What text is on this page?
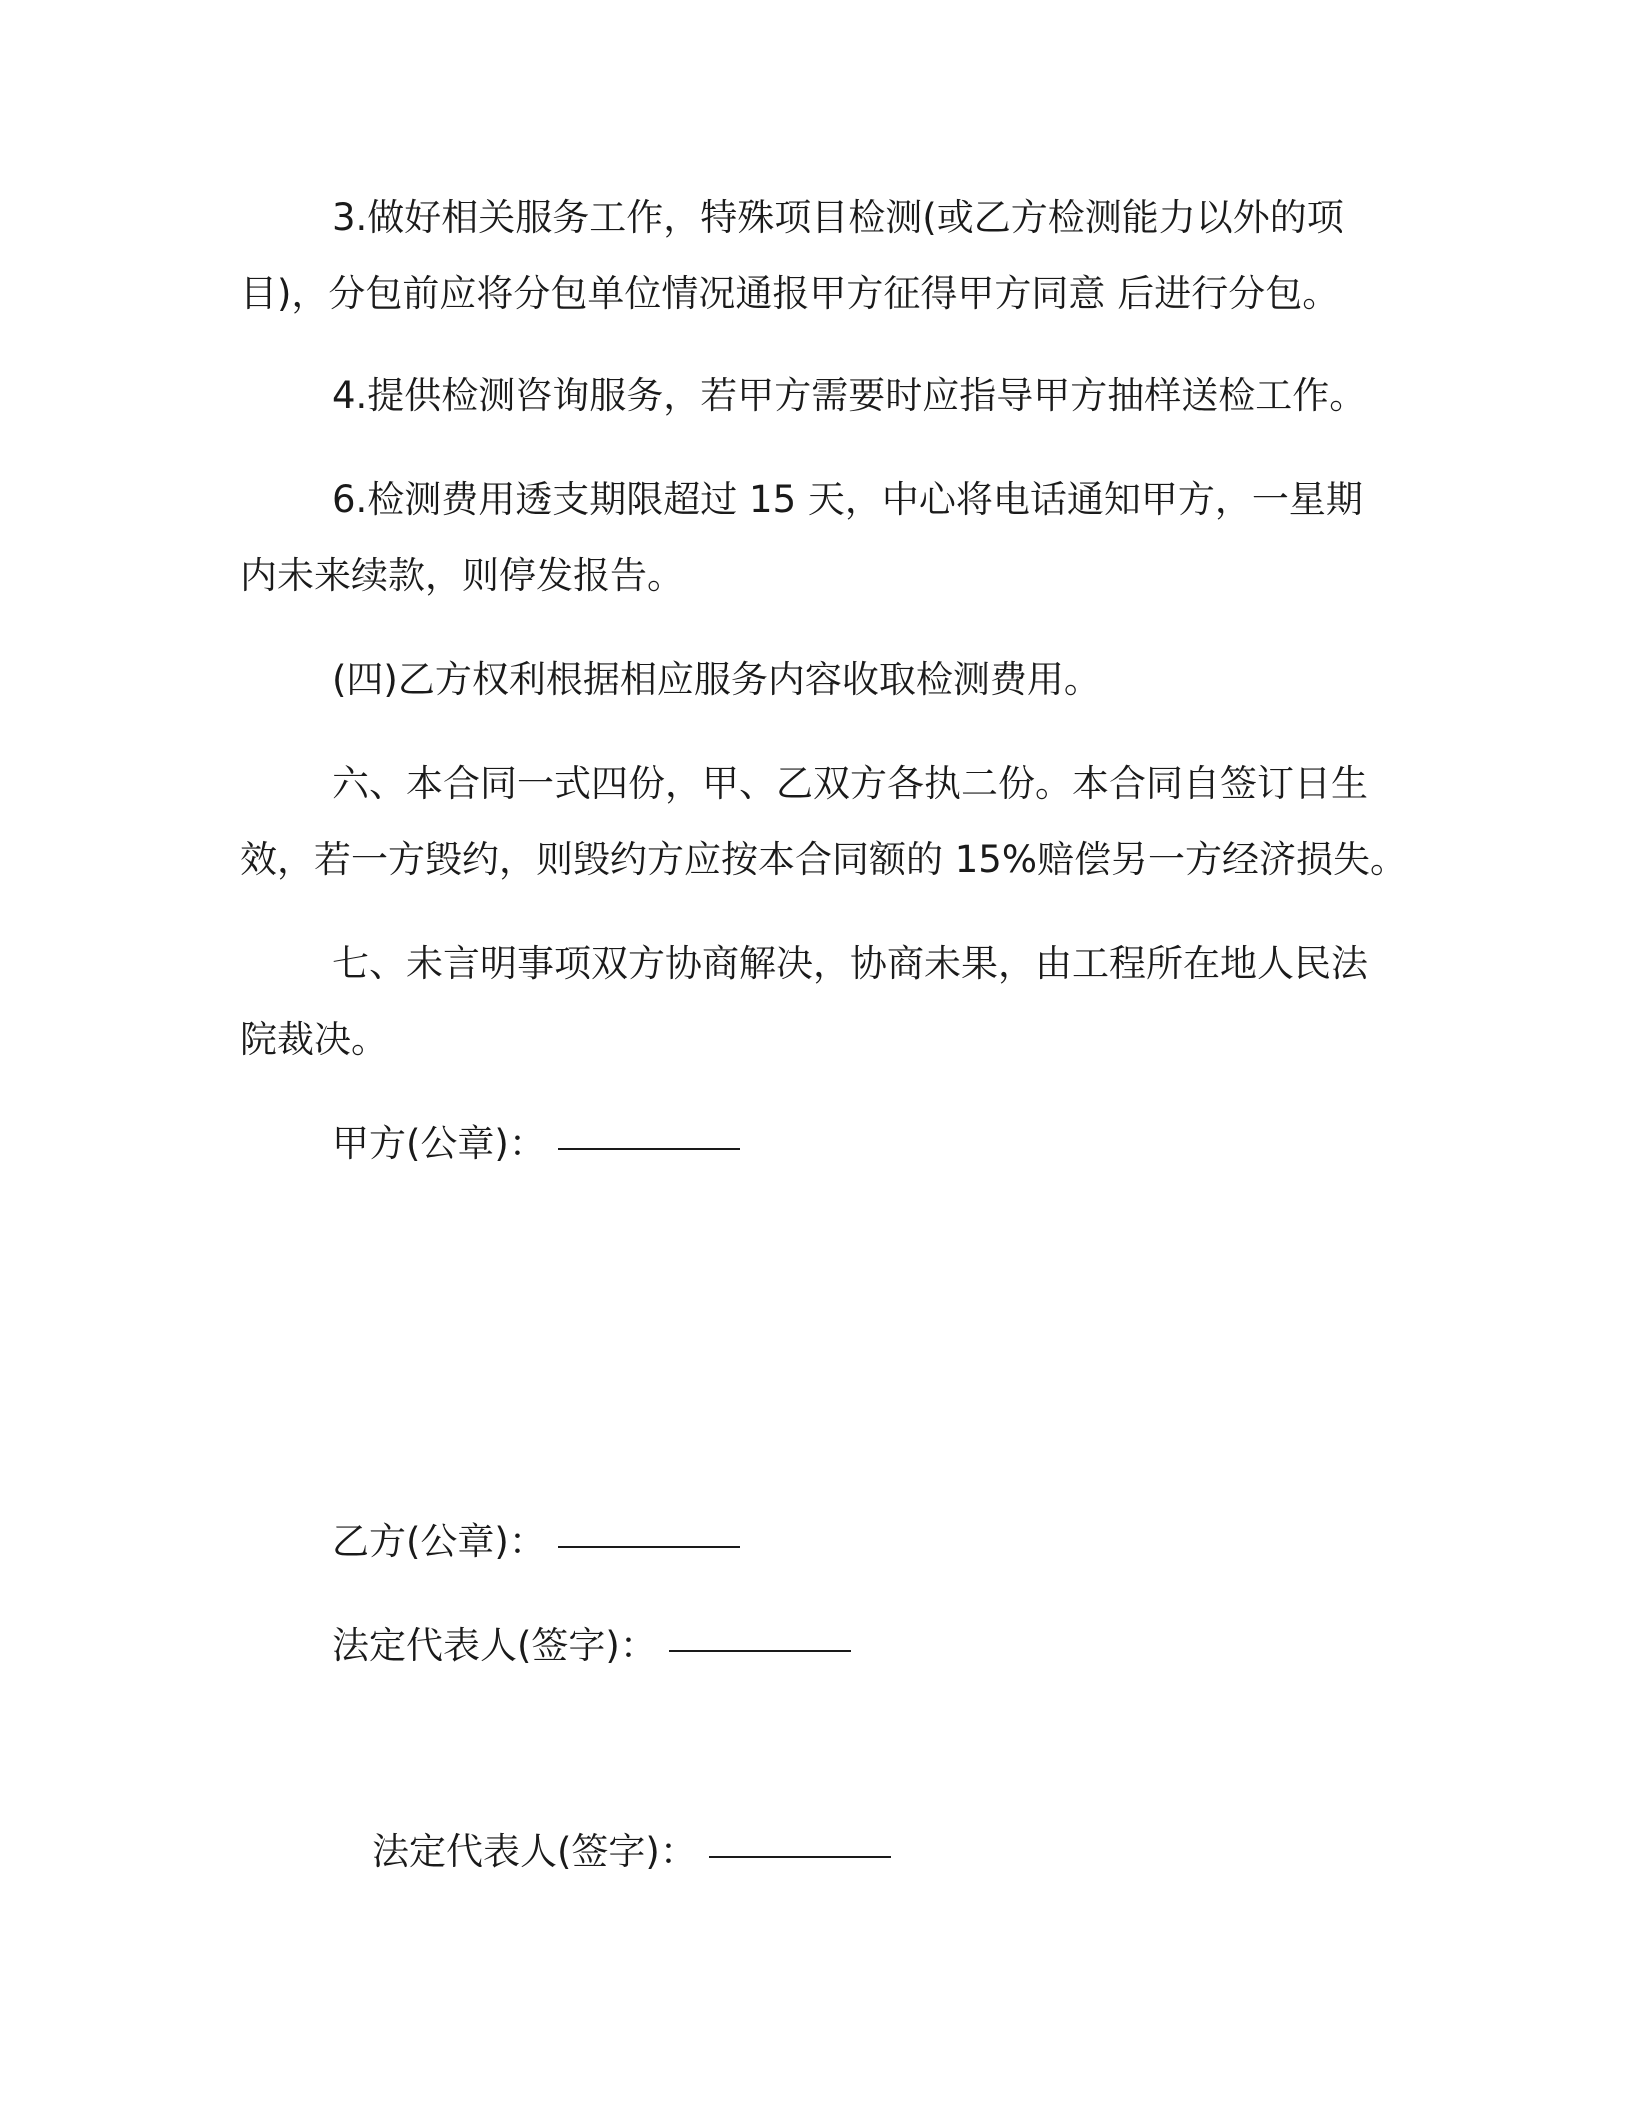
3.做好相关服务工作，特殊项目检测(或乙方检测能力以外的项
目)，分包前应将分包单位情况通报甲方征得甲方同意 后进行分包。
4.提供检测咨询服务，若甲方需要时应指导甲方抽样送检工作。
6.检测费用透支期限超过 15 天，中心将电话通知甲方，一星期
内未来续款，则停发报告。
(四)乙方权利根据相应服务内容收取检测费用。
六、本合同一式四份，甲、乙双方各执二份。本合同自签订日生
效，若一方毁约，则毁约方应按本合同额的 15%赔偿另一方经济损失。
七、未言明事项双方协商解决，协商未果，由工程所在地人民法
院裁决。
甲方(公章)：
乙方(公章)：
法定代表人(签字)：
法定代表人(签字)：
